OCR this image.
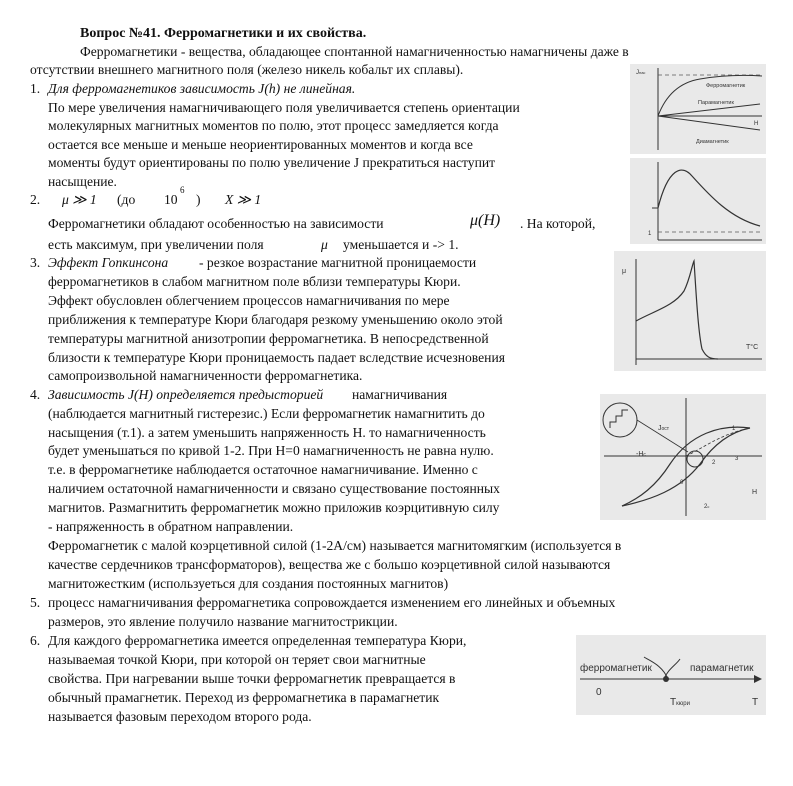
Вопрос №41. Ферромагнетики и их свойства.
Ферромагнетики - вещества, обладающее спонтанной намагниченностью намагничены даже в
отсутствии внешнего магнитного поля (железо никель кобальт их сплавы).
1. Для ферромагнетиков зависимость J(h) не линейная.
По мере увеличения намагничивающего поля увеличивается степень ориентации
молекулярных магнитных моментов по полю, этот процесс замедляется когда
остается все меньше и меньше неориентированных моментов и когда все
моменты будут ориентированы по полю увеличение J прекратиться наступит
насыщение.
2. μ ≫ 1 (до 10
6
) X ≫ 1
Ферромагнетики обладают особенностью на зависимости	μ(H) . На которой,
есть максимум, при увеличении поля	μ уменьшается и -> 1.
3. Эффект Гопкинсона - резкое возрастание магнитной проницаемости
ферромагнетиков в слабом магнитном поле вблизи температуры Кюри.
Эффект обусловлен облегчением процессов намагничивания по мере
приближения к температуре Кюри благодаря резкому уменьшению около этой
температуры магнитной анизотропии ферромагнетика. В непосредственной
близости к температуре Кюри проницаемость падает вследствие исчезновения
самопроизвольной намагниченности ферромагнетика.
4. Зависимость J(H) определяется предысторией намагничивания
(наблюдается магнитный гистерезис.) Если ферромагнетик намагнитить до
насыщения (т.1). а затем уменьшить напряженность Н. то намагниченность
будет уменьшаться по кривой 1-2. При Н=0 намагниченность не равна нулю.
т.е. в ферромагнетике наблюдается остаточное намагничивание. Именно с
наличием остаточной намагниченности и связано существование постоянных
магнитов. Размагнитить ферромагнетик можно приложив коэрцитивную силу
- напряженность в обратном направлении.
Ферромагнетик с малой коэрцетивной силой (1-2А/см) называется магнитомягким (используется в
качестве сердечников трансформаторов), вещества же с большо коэрцетивной силой называются
магнитожестким (используеться для создания постоянных магнитов)
5. процесс намагничивания ферромагнетика сопровождается изменением его линейных и объемных
размеров, это явление получило название магнитострикции.
6. Для каждого ферромагнетика имеется определенная температура Кюри,
называемая точкой Кюри, при которой он теряет свои магнитные
свойства. При нагревании выше точки ферромагнетик превращается в
обычный прамагнетик. Переход из ферромагнетика в парамагнетик
называется фазовым переходом второго рода.
Jнас
Ферромагнетик
Парамагнетик
Диамагнетик
H
1
μ
T°C
Jост
-Hc
H
0
1
2
3
2c
ферромагнетик	парамагнетик
0
Tкюри	T
